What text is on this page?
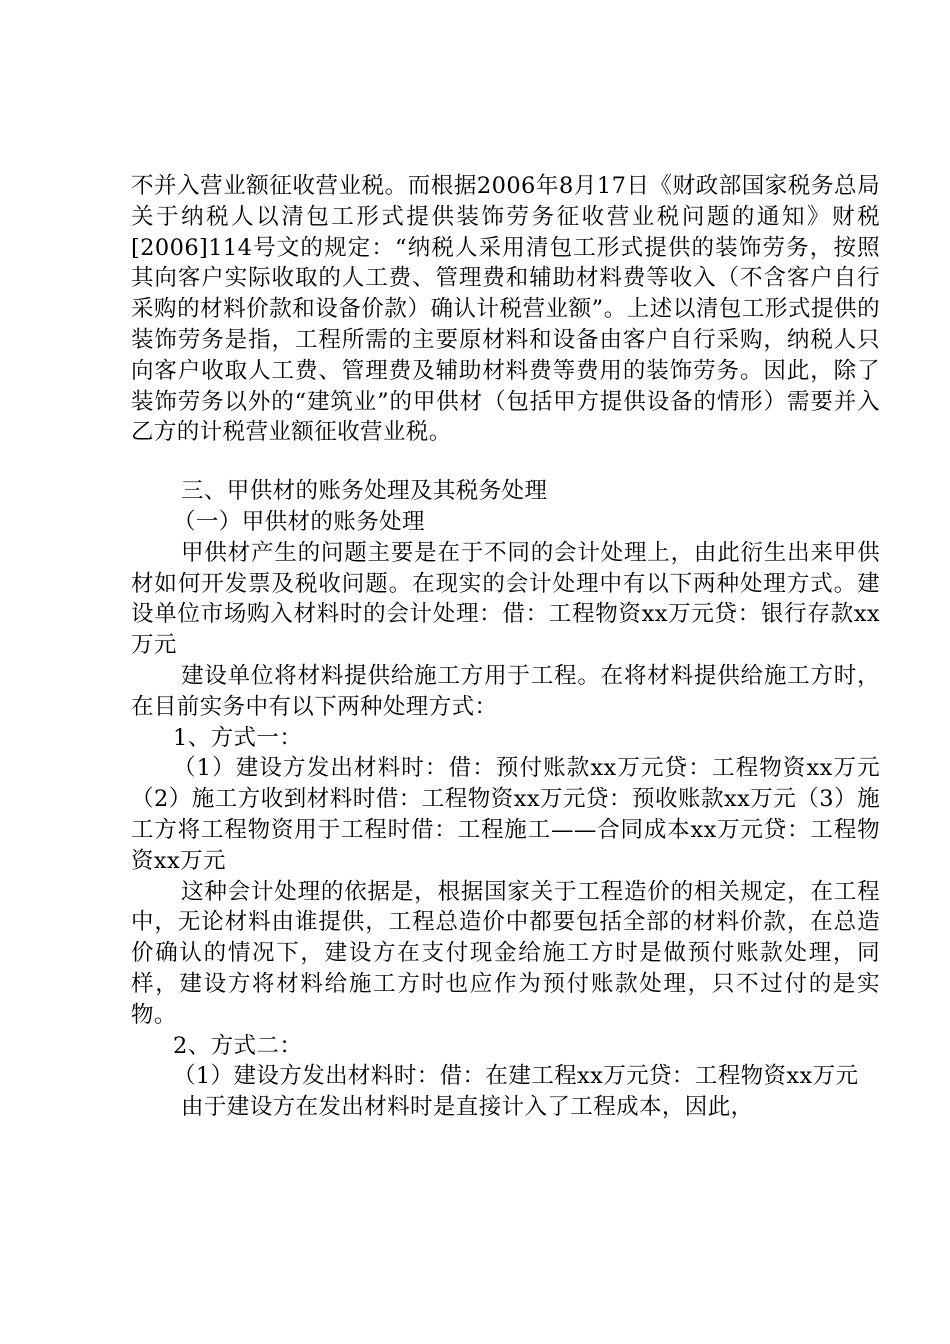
不并入营业额征收营业税。而根据2006年8月17日《财政部国家税务总局关于纳税人以清包工形式提供装饰劳务征收营业税问题的通知》财税[2006]114号文的规定：“纳税人采用清包工形式提供的装饰劳务，按照其向客户实际收取的人工费、管理费和辅助材料费等收入（不含客户自行采购的材料价款和设备价款）确认计税营业额”。上述以清包工形式提供的装饰劳务是指，工程所需的主要原材料和设备由客户自行采购，纳税人只向客户收取人工费、管理费及辅助材料费等费用的装饰劳务。因此，除了装饰劳务以外的“建筑业”的甲供材（包括甲方提供设备的情形）需要并入乙方的计税营业额征收营业税。

三、甲供材的账务处理及其税务处理

（一）甲供材的账务处理

甲供材产生的问题主要是在于不同的会计处理上，由此衍生出来甲供材如何开发票及税收问题。在现实的会计处理中有以下两种处理方式。建设单位市场购入材料时的会计处理：借：工程物资xx万元贷：银行存款xx万元

建设单位将材料提供给施工方用于工程。在将材料提供给施工方时，在目前实务中有以下两种处理方式：

1、方式一：

（1）建设方发出材料时：借：预付账款xx万元贷：工程物资xx万元（2）施工方收到材料时借：工程物资xx万元贷：预收账款xx万元（3）施工方将工程物资用于工程时借：工程施工——合同成本xx万元贷：工程物资xx万元

这种会计处理的依据是，根据国家关于工程造价的相关规定，在工程中，无论材料由谁提供，工程总造价中都要包括全部的材料价款，在总造价确认的情况下，建设方在支付现金给施工方时是做预付账款处理，同样，建设方将材料给施工方时也应作为预付账款处理，只不过付的是实物。

2、方式二：

（1）建设方发出材料时：借：在建工程xx万元贷：工程物资xx万元

由于建设方在发出材料时是直接计入了工程成本，因此，
